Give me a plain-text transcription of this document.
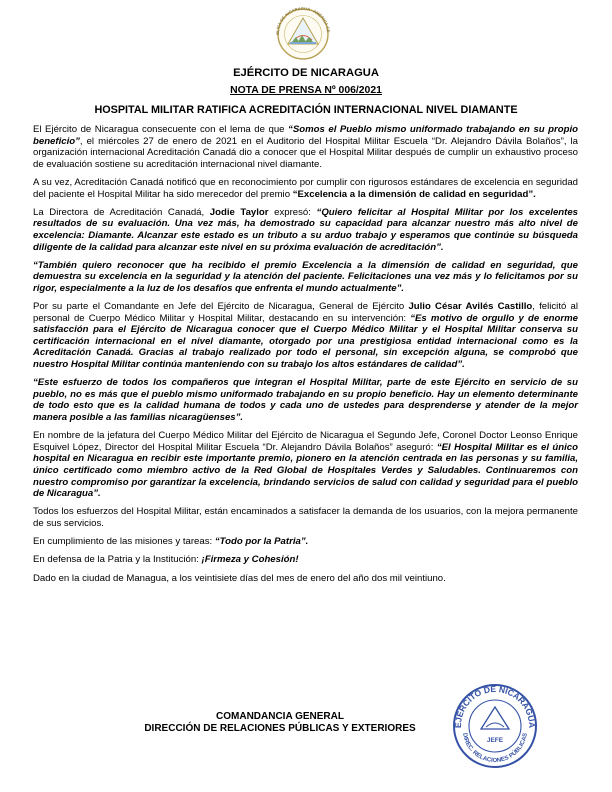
BLICA DE NICARAGUA · AMÉRICA CE
EJÉRCITO DE NICARAGUA
NOTA DE PRENSA Nº 006/2021
HOSPITAL MILITAR RATIFICA ACREDITACIÓN INTERNACIONAL NIVEL DIAMANTE

El Ejército de Nicaragua consecuente con el lema de que “Somos el Pueblo mismo uniformado trabajando en su propio beneficio”, el miércoles 27 de enero de 2021 en el Auditorio del Hospital Militar Escuela “Dr. Alejandro Dávila Bolaños”, la organización internacional Acreditación Canadá dio a conocer que el Hospital Militar después de cumplir un exhaustivo proceso de evaluación sostiene su acreditación internacional nivel diamante.

A su vez, Acreditación Canadá notificó que en reconocimiento por cumplir con rigurosos estándares de excelencia en seguridad del paciente el Hospital Militar ha sido merecedor del premio “Excelencia a la dimensión de calidad en seguridad”.

La Directora de Acreditación Canadá, Jodie Taylor expresó: “Quiero felicitar al Hospital Militar por los excelentes resultados de su evaluación. Una vez más, ha demostrado su capacidad para alcanzar nuestro más alto nivel de excelencia: Diamante. Alcanzar este estado es un tributo a su arduo trabajo y esperamos que continúe su búsqueda diligente de la calidad para alcanzar este nivel en su próxima evaluación de acreditación”.

“También quiero reconocer que ha recibido el premio Excelencia a la dimensión de calidad en seguridad, que demuestra su excelencia en la seguridad y la atención del paciente. Felicitaciones una vez más y lo felicitamos por su rigor, especialmente a la luz de los desafíos que enfrenta el mundo actualmente”.

Por su parte el Comandante en Jefe del Ejército de Nicaragua, General de Ejército Julio César Avilés Castillo, felicitó al personal de Cuerpo Médico Militar y Hospital Militar, destacando en su intervención: “Es motivo de orgullo y de enorme satisfacción para el Ejército de Nicaragua conocer que el Cuerpo Médico Militar y el Hospital Militar conserva su certificación internacional en el nivel diamante, otorgado por una prestigiosa entidad internacional como es la Acreditación Canadá. Gracias al trabajo realizado por todo el personal, sin excepción alguna, se comprobó que nuestro Hospital Militar continúa manteniendo con su trabajo los altos estándares de calidad”.

“Este esfuerzo de todos los compañeros que integran el Hospital Militar, parte de este Ejército en servicio de su pueblo, no es más que el pueblo mismo uniformado trabajando en su propio beneficio. Hay un elemento determinante de todo esto que es la calidad humana de todos y cada uno de ustedes para desprenderse y atender de la mejor manera posible a las familias nicaragüenses”.

En nombre de la jefatura del Cuerpo Médico Militar del Ejército de Nicaragua el Segundo Jefe, Coronel Doctor Leonso Enrique Esquivel López, Director del Hospital Militar Escuela “Dr. Alejandro Dávila Bolaños” aseguró: “El Hospital Militar es el único hospital en Nicaragua en recibir este importante premio, pionero en la atención centrada en las personas y su familia, único certificado como miembro activo de la Red Global de Hospitales Verdes y Saludables. Continuaremos con nuestro compromiso por garantizar la excelencia, brindando servicios de salud con calidad y seguridad para el pueblo de Nicaragua”.

Todos los esfuerzos del Hospital Militar, están encaminados a satisfacer la demanda de los usuarios, con la mejora permanente de sus servicios.

En cumplimiento de las misiones y tareas: “Todo por la Patria”.

En defensa de la Patria y la Institución: ¡Firmeza y Cohesión!

Dado en la ciudad de Managua, a los veintisiete días del mes de enero del año dos mil veintiuno.

COMANDANCIA GENERAL
DIRECCIÓN DE RELACIONES PÚBLICAS Y EXTERIORES	EJÉRCITO DE NICARAGUA
DIREC. RELACIONES PÚBLICAS
JEFE
